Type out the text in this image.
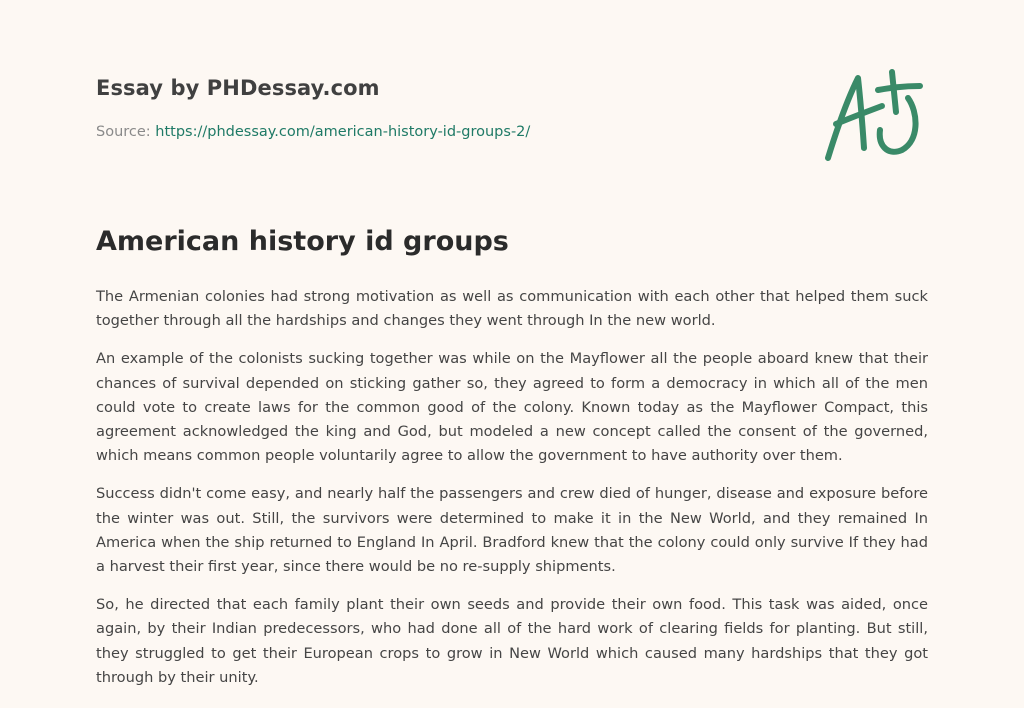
Essay by PHDessay.com
Source: https://phdessay.com/american-history-id-groups-2/
American history id groups

The Armenian colonies had strong motivation as well as communication with each other that helped them suck together through all the hardships and changes they went through In the new world.

An example of the colonists sucking together was while on the Mayflower all the people aboard knew that their chances of survival depended on sticking gather so, they agreed to form a democracy in which all of the men could vote to create laws for the common good of the colony. Known today as the Mayflower Compact, this agreement acknowledged the king and God, but modeled a new concept called the consent of the governed, which means common people voluntarily agree to allow the government to have authority over them.

Success didn't come easy, and nearly half the passengers and crew died of hunger, disease and exposure before the winter was out. Still, the survivors were determined to make it in the New World, and they remained In America when the ship returned to England In April. Bradford knew that the colony could only survive If they had a harvest their first year, since there would be no re-supply shipments.

So, he directed that each family plant their own seeds and provide their own food. This task was aided, once again, by their Indian predecessors, who had done all of the hard work of clearing fields for planting. But still, they struggled to get their European crops to grow in New World which caused many hardships that they got through by their unity.
